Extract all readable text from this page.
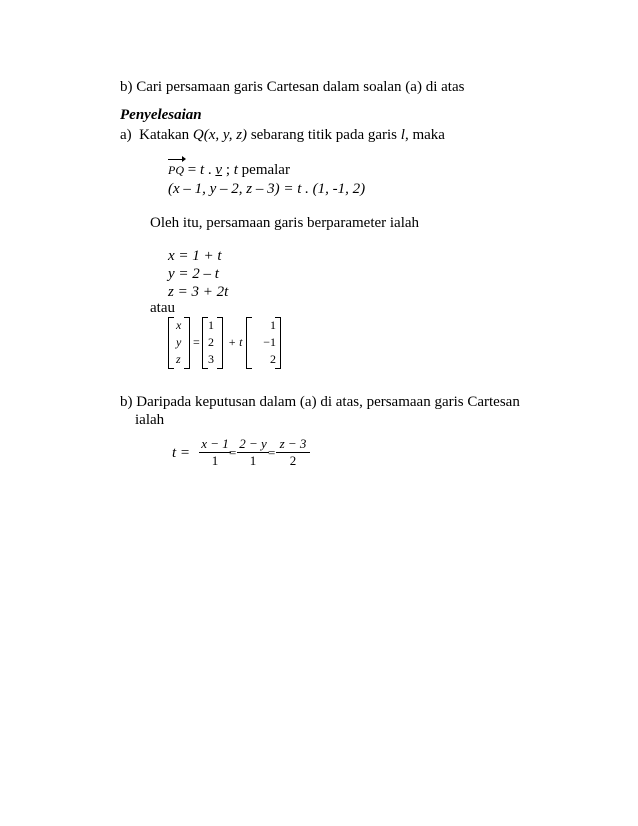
b) Cari persamaan garis Cartesan dalam soalan (a) di atas
Penyelesaian
a) Katakan Q(x, y, z) sebarang titik pada garis l, maka
PQ = t . v ; t pemalar
(x – 1, y – 2, z – 3) = t . (1, -1, 2)
Oleh itu, persamaan garis berparameter ialah
x = 1 + t
y = 2 – t
z = 3 + 2t
atau
x
y
z
=
1
2
3
+ t
1
−1
2
b) Daripada keputusan dalam (a) di atas, persamaan garis Cartesan
ialah
$t = \frac{x - 1}{1}$
= $\frac{2 - y}{1} = \frac{z - 3}{2}$
